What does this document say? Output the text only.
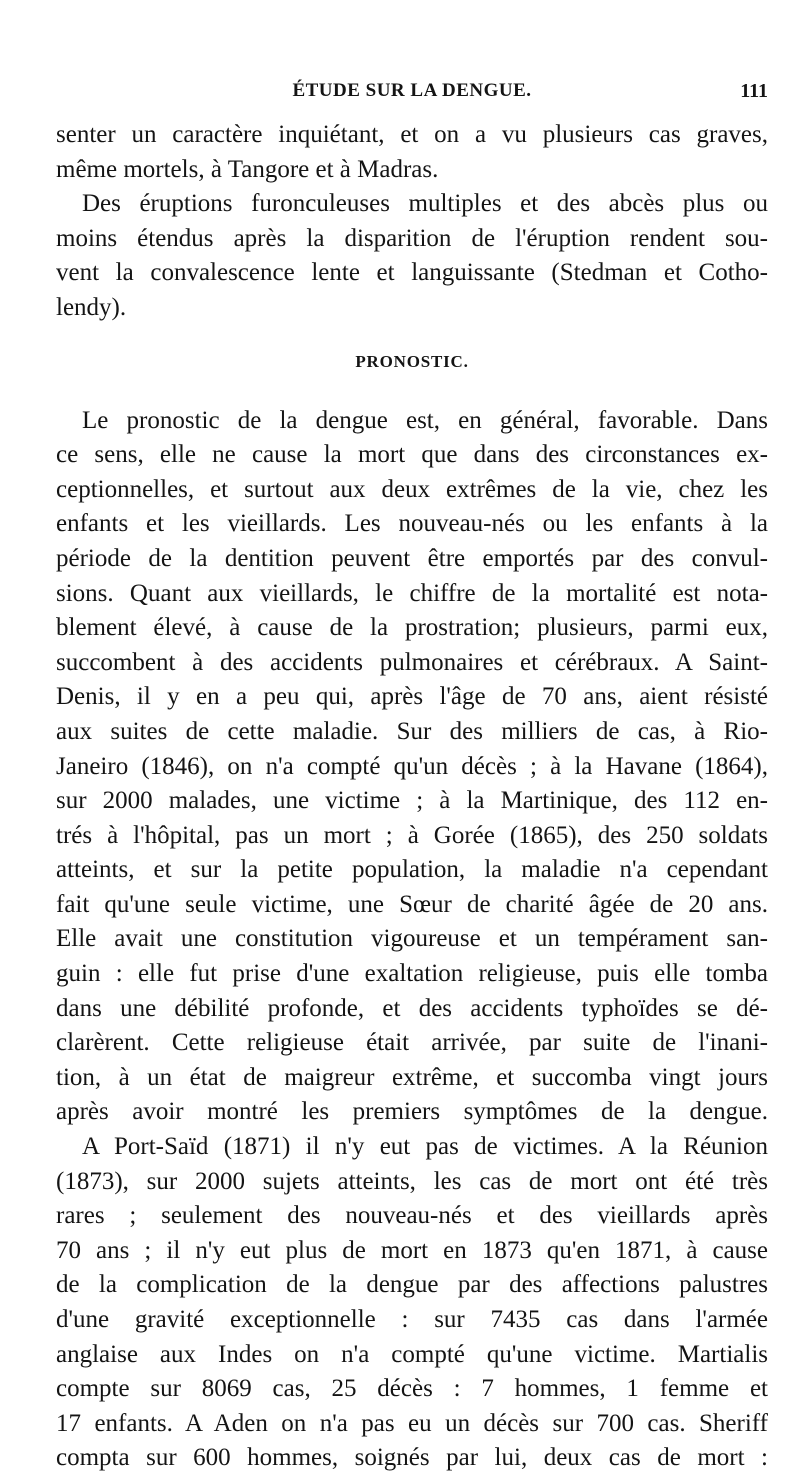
ÉTUDE SUR LA DENGUE.	111
senter un caractère inquiétant, et on a vu plusieurs cas graves,
même mortels, à Tangore et à Madras.
Des éruptions furonculeuses multiples et des abcès plus ou
moins étendus après la disparition de l'éruption rendent sou-
vent la convalescence lente et languissante (Stedman et Cotho-
lendy).
PRONOSTIC.
Le pronostic de la dengue est, en général, favorable. Dans
ce sens, elle ne cause la mort que dans des circonstances ex-
ceptionnelles, et surtout aux deux extrêmes de la vie, chez les
enfants et les vieillards. Les nouveau-nés ou les enfants à la
période de la dentition peuvent être emportés par des convul-
sions. Quant aux vieillards, le chiffre de la mortalité est nota-
blement élevé, à cause de la prostration; plusieurs, parmi eux,
succombent à des accidents pulmonaires et cérébraux. A Saint-
Denis, il y en a peu qui, après l'âge de 70 ans, aient résisté
aux suites de cette maladie. Sur des milliers de cas, à Rio-
Janeiro (1846), on n'a compté qu'un décès ; à la Havane (1864),
sur 2000 malades, une victime ; à la Martinique, des 112 en-
trés à l'hôpital, pas un mort ; à Gorée (1865), des 250 soldats
atteints, et sur la petite population, la maladie n'a cependant
fait qu'une seule victime, une Sœur de charité âgée de 20 ans.
Elle avait une constitution vigoureuse et un tempérament san-
guin : elle fut prise d'une exaltation religieuse, puis elle tomba
dans une débilité profonde, et des accidents typhoïdes se dé-
clarèrent. Cette religieuse était arrivée, par suite de l'inani-
tion, à un état de maigreur extrême, et succomba vingt jours
après avoir montré les premiers symptômes de la dengue.
A Port-Saïd (1871) il n'y eut pas de victimes. A la Réunion
(1873), sur 2000 sujets atteints, les cas de mort ont été très
rares ; seulement des nouveau-nés et des vieillards après
70 ans ; il n'y eut plus de mort en 1873 qu'en 1871, à cause
de la complication de la dengue par des affections palustres
d'une gravité exceptionnelle : sur 7435 cas dans l'armée
anglaise aux Indes on n'a compté qu'une victime. Martialis
compte sur 8069 cas, 25 décès : 7 hommes, 1 femme et
17 enfants. A Aden on n'a pas eu un décès sur 700 cas. Sheriff
compta sur 600 hommes, soignés par lui, deux cas de mort :
